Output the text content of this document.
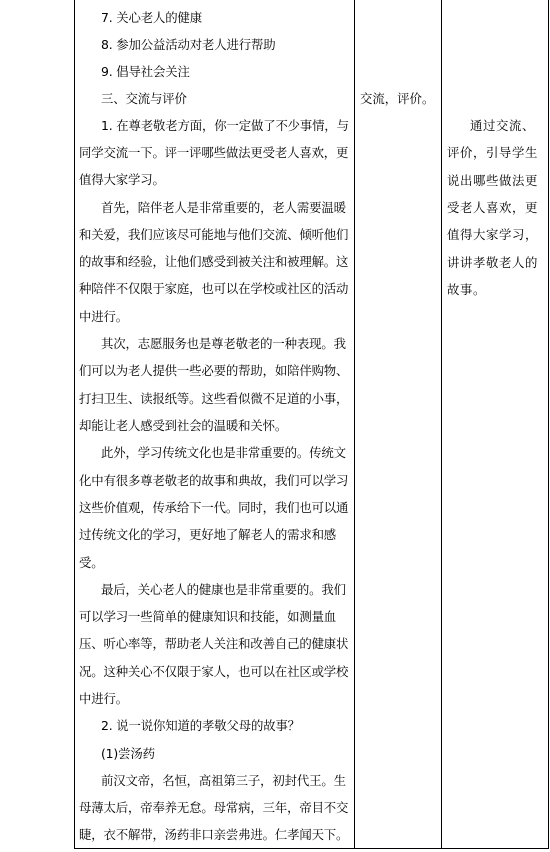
7. 关心老人的健康
8. 参加公益活动对老人进行帮助
9. 倡导社会关注
三、交流与评价
1. 在尊老敬老方面，你一定做了不少事情，与
同学交流一下。评一评哪些做法更受老人喜欢，更
值得大家学习。
首先，陪伴老人是非常重要的，老人需要温暖
和关爱，我们应该尽可能地与他们交流、倾听他们
的故事和经验，让他们感受到被关注和被理解。这
种陪伴不仅限于家庭，也可以在学校或社区的活动
中进行。
其次，志愿服务也是尊老敬老的一种表现。我
们可以为老人提供一些必要的帮助，如陪伴购物、
打扫卫生、读报纸等。这些看似微不足道的小事，
却能让老人感受到社会的温暖和关怀。
此外，学习传统文化也是非常重要的。传统文
化中有很多尊老敬老的故事和典故，我们可以学习
这些价值观，传承给下一代。同时，我们也可以通
过传统文化的学习，更好地了解老人的需求和感
受。
最后，关心老人的健康也是非常重要的。我们
可以学习一些简单的健康知识和技能，如测量血
压、听心率等，帮助老人关注和改善自己的健康状
况。这种关心不仅限于家人，也可以在社区或学校
中进行。
2. 说一说你知道的孝敬父母的故事？
(1)尝汤药
前汉文帝，名恒，高祖第三子，初封代王。生
母薄太后，帝奉养无怠。母常病，三年，帝目不交
睫，衣不解带，汤药非口亲尝弗进。仁孝闻天下。
交流，评价。
通过交流、
评价，引导学生
说出哪些做法更
受老人喜欢，更
值得大家学习，
讲讲孝敬老人的
故事。
